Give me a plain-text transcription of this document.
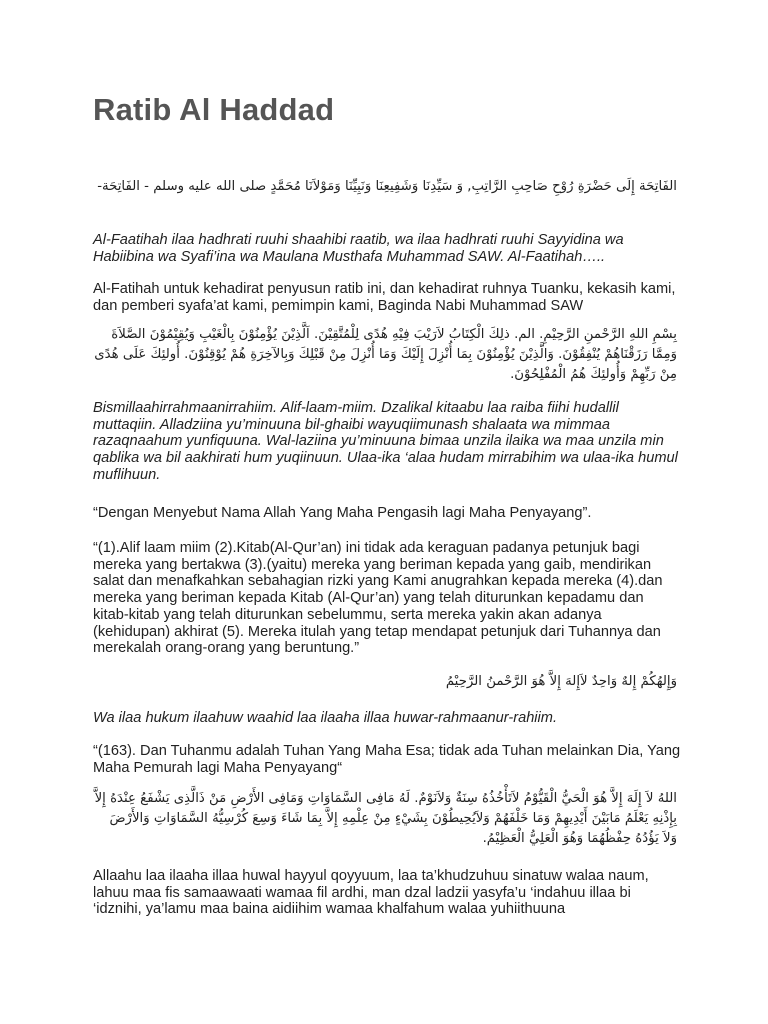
Ratib Al Haddad

الفَاتِحَة إِلَى حَضْرَةِ رُوْحِ صَاحِبِ الرَّاتِبِ, وَ سَيِّدِنَا وَشَفِيعِنَا وَنَبِيِّنَا وَمَوْلاَنَا مُحَمَّدٍ صلى الله عليه وسلم - الفَاتِحَة-

Al-Faatihah ilaa hadhrati ruuhi shaahibi raatib, wa ilaa hadhrati ruuhi Sayyidina wa Habiibina wa Syafi’ina wa Maulana Musthafa Muhammad SAW. Al-Faatihah…..

Al-Fatihah untuk kehadirat penyusun ratib ini, dan kehadirat ruhnya Tuanku, kekasih kami, dan pemberi syafa’at kami, pemimpin kami, Baginda Nabi Muhammad SAW

بِسْمِ اللهِ الرَّحْمنِ الرَّحِيْمِ. الم. ذلِكَ الْكِتَابُ لاَرَيْبَ فِيْهِ هُدًى لِلْمُتَّقِيْنَ. اَلَّذِيْنَ يُؤْمِنُوْنَ بِالْغَيْبِ وَيُقِيْمُوْنَ الصَّلاَةَ وَمِمَّا رَزَقْنَاهُمْ يُنْفِقُوْنَ. وَالَّذِيْنَ يُؤْمِنُوْنَ بِمَا أُنْزِلَ إِلَيْكَ وَمَا أُنْزِلَ مِنْ قَبْلِكَ وَبِالآخِرَةِ هُمْ يُوْقِنُوْنَ. أُولئِكَ عَلَى هُدًى مِنْ رَبِّهِمْ وَأُولئِكَ هُمُ الْمُفْلِحُوْنَ.

Bismillaahirrahmaanirrahiim. Alif-laam-miim. Dzalikal kitaabu laa raiba fiihi hudallil muttaqiin. Alladziina yu’minuuna bil-ghaibi wayuqiimunash shalaata wa mimmaa razaqnaahum yunfiquuna. Wal-laziina yu’minuuna bimaa unzila ilaika wa maa unzila min qablika wa bil aakhirati hum yuqiinuun. Ulaa-ika ‘alaa hudam mirrabihim wa ulaa-ika humul muflihuun.

“Dengan Menyebut Nama Allah Yang Maha Pengasih lagi Maha Penyayang”.

“(1).Alif laam miim (2).Kitab(Al-Qur’an) ini tidak ada keraguan padanya petunjuk bagi mereka yang bertakwa (3).(yaitu) mereka yang beriman kepada yang gaib, mendirikan salat dan menafkahkan sebahagian rizki yang Kami anugrahkan kepada mereka (4).dan mereka yang beriman kepada Kitab (Al-Qur’an) yang telah diturunkan kepadamu dan kitab-kitab yang telah diturunkan sebelummu, serta mereka yakin akan adanya (kehidupan) akhirat (5). Mereka itulah yang tetap mendapat petunjuk dari Tuhannya dan merekalah orang-orang yang beruntung.”

وَإِلهُكُمْ إِلهٌ وَاحِدٌ لاَإِلهَ إِلاَّ هُوَ الرَّحْمنُ الرَّحِيْمُ

Wa ilaa hukum ilaahuw waahid laa ilaaha illaa huwar-rahmaanur-rahiim.

“(163). Dan Tuhanmu adalah Tuhan Yang Maha Esa; tidak ada Tuhan melainkan Dia, Yang Maha Pemurah lagi Maha Penyayang“

اللهُ لاَ إِلَهَ إِلاَّ هُوَ الْحَيُّ الْقَيُّوْمُ لاَتَأْخُذُهُ سِنَةٌ وَلاَنَوْمٌ. لَهُ مَافِى السَّمَاوَاتِ وَمَافِى الأَرْضِ مَنْ ذَالَّذِى يَشْفَعُ عِنْدَهُ إِلاَّ بِإِذْنِهِ يَعْلَمُ مَابَيْنَ أَيْدِيهِمْ وَمَا خَلْفَهُمْ وَلاَيُحِيطُوْنَ بِشَيْءٍ مِنْ عِلْمِهِ إِلاَّ بِمَا شَاءَ وَسِعَ كُرْسِيُّهُ السَّمَاوَاتِ وَالأَرْضَ وَلاَ يَؤُدُهُ حِفْظُهُمَا وَهُوَ الْعَلِيُّ الْعَظِيْمُ.

Allaahu laa ilaaha illaa huwal hayyul qoyyuum, laa ta’khudzuhuu sinatuw walaa naum, lahuu maa fis samaawaati wamaa fil ardhi, man dzal ladzii yasyfa’u ‘indahuu illaa bi ‘idznihi, ya’lamu maa baina aidiihim wamaa khalfahum walaa yuhiithuuna
